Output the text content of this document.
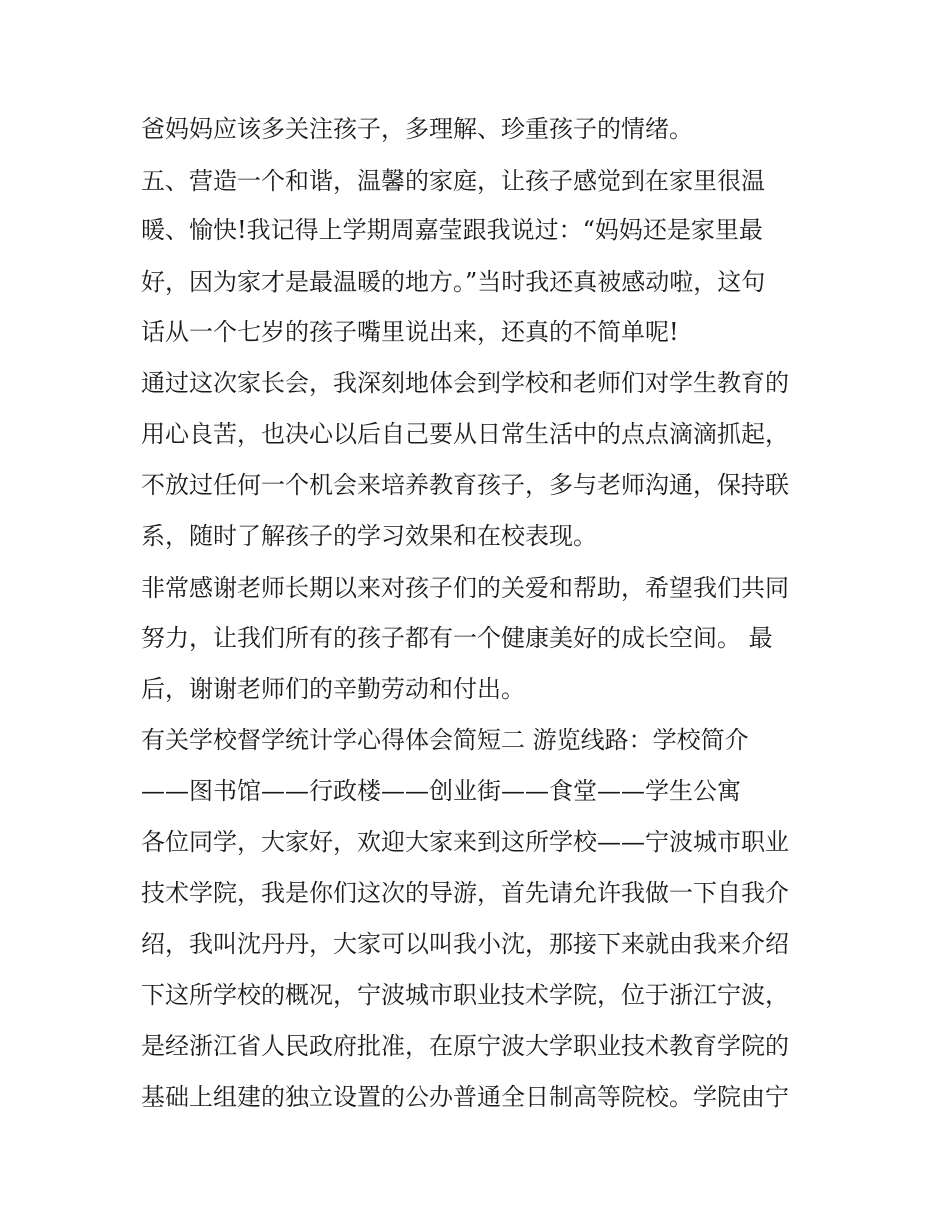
爸妈妈应该多关注孩子，多理解、珍重孩子的情绪。
五、营造一个和谐，温馨的家庭，让孩子感觉到在家里很温
暖、愉快!我记得上学期周嘉莹跟我说过：“妈妈还是家里最
好，因为家才是最温暖的地方。”当时我还真被感动啦，这句
话从一个七岁的孩子嘴里说出来，还真的不简单呢!
通过这次家长会，我深刻地体会到学校和老师们对学生教育的
用心良苦，也决心以后自己要从日常生活中的点点滴滴抓起，
不放过任何一个机会来培养教育孩子，多与老师沟通，保持联
系，随时了解孩子的学习效果和在校表现。
非常感谢老师长期以来对孩子们的关爱和帮助，希望我们共同
努力，让我们所有的孩子都有一个健康美好的成长空间。 最
后，谢谢老师们的辛勤劳动和付出。
有关学校督学统计学心得体会简短二 游览线路：学校简介
——图书馆——行政楼——创业街——食堂——学生公寓
各位同学，大家好，欢迎大家来到这所学校——宁波城市职业
技术学院，我是你们这次的导游，首先请允许我做一下自我介
绍，我叫沈丹丹，大家可以叫我小沈，那接下来就由我来介绍
下这所学校的概况，宁波城市职业技术学院，位于浙江宁波，
是经浙江省人民政府批准，在原宁波大学职业技术教育学院的
基础上组建的独立设置的公办普通全日制高等院校。学院由宁
